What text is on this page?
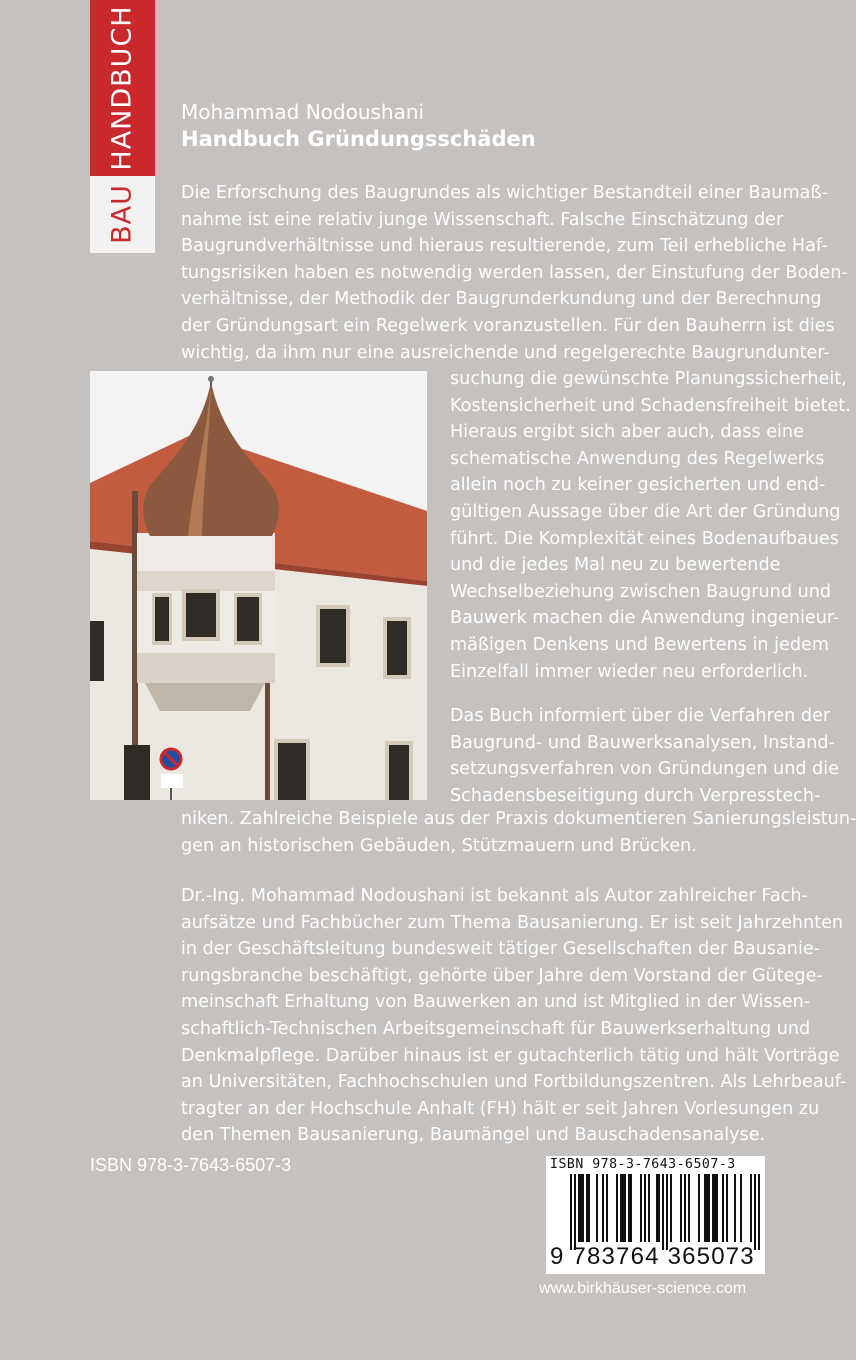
HANDBUCH
BAU
Mohammad Nodoushani
Handbuch Gründungsschäden
Die Erforschung des Baugrundes als wichtiger Bestandteil einer Baumaß-
nahme ist eine relativ junge Wissenschaft. Falsche Einschätzung der
Baugrundverhältnisse und hieraus resultierende, zum Teil erhebliche Haf-
tungsrisiken haben es notwendig werden lassen, der Einstufung der Boden-
verhältnisse, der Methodik der Baugrunderkundung und der Berechnung
der Gründungsart ein Regelwerk voranzustellen. Für den Bauherrn ist dies
wichtig, da ihm nur eine ausreichende und regelgerechte Baugrundunter-
suchung die gewünschte Planungssicherheit,
Kostensicherheit und Schadensfreiheit bietet.
Hieraus ergibt sich aber auch, dass eine
schematische Anwendung des Regelwerks
allein noch zu keiner gesicherten und end-
gültigen Aussage über die Art der Gründung
führt. Die Komplexität eines Bodenaufbaues
und die jedes Mal neu zu bewertende
Wechselbeziehung zwischen Baugrund und
Bauwerk machen die Anwendung ingenieur-
mäßigen Denkens und Bewertens in jedem
Einzelfall immer wieder neu erforderlich.
Das Buch informiert über die Verfahren der
Baugrund- und Bauwerksanalysen, Instand-
setzungsverfahren von Gründungen und die
Schadensbeseitigung durch Verpresstech-
niken. Zahlreiche Beispiele aus der Praxis dokumentieren Sanierungsleistun-
gen an historischen Gebäuden, Stützmauern und Brücken.
Dr.-Ing. Mohammad Nodoushani ist bekannt als Autor zahlreicher Fach-
aufsätze und Fachbücher zum Thema Bausanierung. Er ist seit Jahrzehnten
in der Geschäftsleitung bundesweit tätiger Gesellschaften der Bausanie-
rungsbranche beschäftigt, gehörte über Jahre dem Vorstand der Gütege-
meinschaft Erhaltung von Bauwerken an und ist Mitglied in der Wissen-
schaftlich-Technischen Arbeitsgemeinschaft für Bauwerkserhaltung und
Denkmalpflege. Darüber hinaus ist er gutachterlich tätig und hält Vorträge
an Universitäten, Fachhochschulen und Fortbildungszentren. Als Lehrbeauf-
tragter an der Hochschule Anhalt (FH) hält er seit Jahren Vorlesungen zu
den Themen Bausanierung, Baumängel und Bauschadensanalyse.
ISBN 978-3-7643-6507-3	ISBN 978-3-7643-6507-3
9 783764 365073
www.birkhäuser-science.com
